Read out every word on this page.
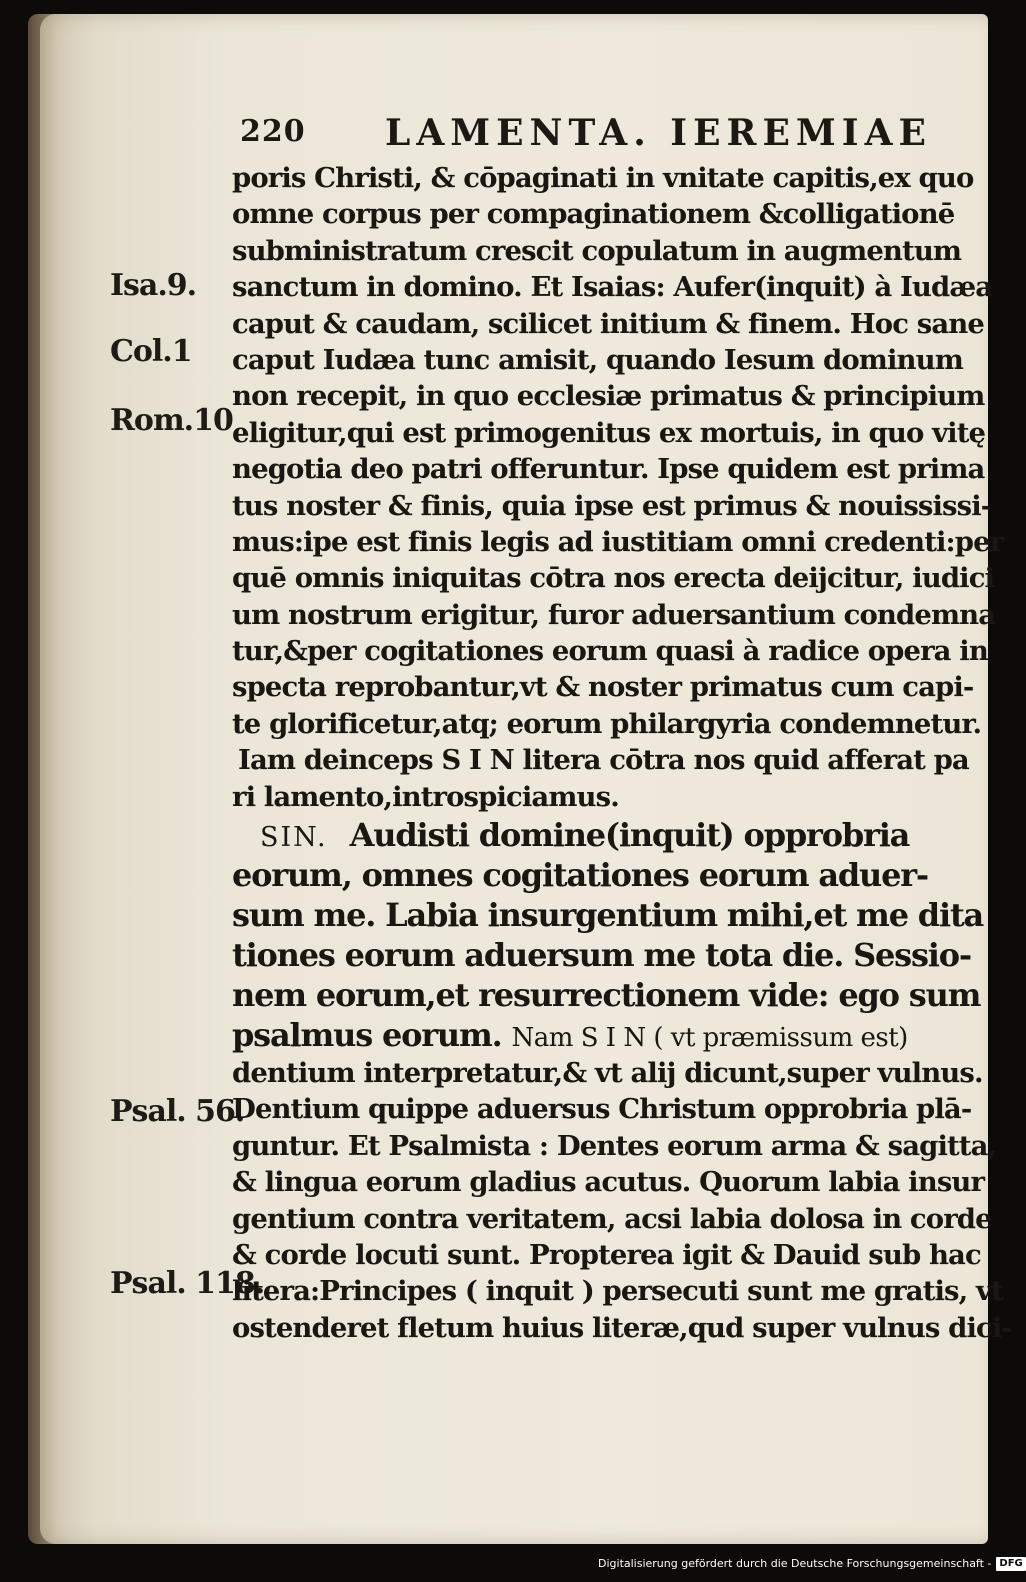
220 LAMENTA. IEREMIAE
Isa.9.
Col.1
Rom.10
Psal. 56.
Psal. 118.
poris Christi, & cōpaginati in vnitate capitis,ex quo
omne corpus per compaginationem &colligationē
subministratum crescit copulatum in augmentum
sanctum in domino. Et Isaias: Aufer(inquit) à Iudæa
caput & caudam, scilicet initium & finem. Hoc sane
caput Iudæa tunc amisit, quando Iesum dominum
non recepit, in quo ecclesiæ primatus & principium
eligitur,qui est primogenitus ex mortuis, in quo vitę
negotia deo patri offeruntur. Ipse quidem est prima
tus noster & finis, quia ipse est primus & nouississi-
mus:ipe est finis legis ad iustitiam omni credenti:per
quē omnis iniquitas cōtra nos erecta deijcitur, iudici
um nostrum erigitur, furor aduersantium condemna
tur,&per cogitationes eorum quasi à radice opera in
specta reprobantur,vt & noster primatus cum capi-
te glorificetur,atq; eorum philargyria condemnetur.
Iam deinceps S I N litera cōtra nos quid afferat pa
ri lamento,introspiciamus.
SIN. Audisti domine(inquit) opprobria
eorum, omnes cogitationes eorum aduer-
sum me. Labia insurgentium mihi,et me dita
tiones eorum aduersum me tota die. Sessio-
nem eorum,et resurrectionem vide: ego sum
psalmus eorum. Nam S I N ( vt præmissum est)
dentium interpretatur,& vt alij dicunt,super vulnus.
Dentium quippe aduersus Christum opprobria plā-
guntur. Et Psalmista : Dentes eorum arma & sagitta,
& lingua eorum gladius acutus. Quorum labia insur
gentium contra veritatem, acsi labia dolosa in corde
& corde locuti sunt. Propterea igit & Dauid sub hac
litera:Principes ( inquit ) persecuti sunt me gratis, vt
ostenderet fletum huius literæ,qud super vulnus dici-
Digitalisierung gefördert durch die Deutsche Forschungsgemeinschaft - DFG
